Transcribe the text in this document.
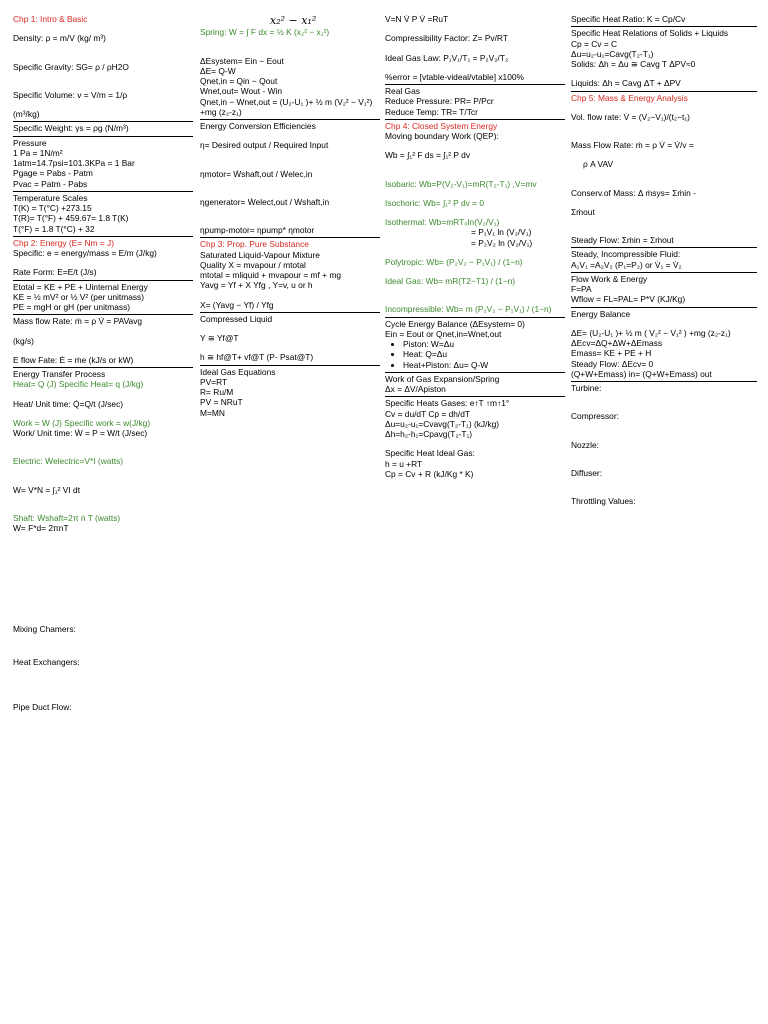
Chp 1: Intro & Basic

Density: ρ = m/V (kg/ m³)

Specific Gravity: SG= ρ / ρH2O

Specific Volume: v = V/m = 1/ρ

(m³/kg)

Specific Weight: γs = ρg (N/m³)

Pressure

1 Pa = 1N/m²

1atm=14.7psi=101.3KPa = 1 Bar

Pgage = Pabs - Patm

Pvac = Patm - Pabs

Temperature Scales

T(K) = T(°C) +273.15

T(R)= T(°F) + 459.67= 1.8 T(K)

T(°F) = 1.8 T(°C) + 32

Chp 2: Energy (E= Nm = J)

Specific: e = energy/mass = E/m (J/kg)

Rate Form: E=E/t (J/s)

Etotal = KE + PE + Uinternal Energy

KE = ½ mV² or ½ V² (per unitmass)

PE = mgH or gH (per unitmass)

Mass flow Rate: ṁ = ρ V̇ = PAVavg

(kg/s)

E flow Fate: Ė = ṁe (kJ/s or kW)

Energy Transfer Process

Heat= Q (J) Specific Heat= q (J/kg)

Heat/ Unit time: Q̇=Q/t (J/sec)

Work = W (J) Specific work = w(J/kg)

Work/ Unit time: Ẇ = P = W/t (J/sec)

Electric: Ẇelectric=V*I (watts)

W= V*N = ∫₁² VI dt

Shaft: Ẇshaft=2π ṅ T (watts)

W= F*d= 2πnT

x₂² − x₁²

Spring: W = ∫ F dx = ½ K (x₂² − x₁²)

ΔEsystem= Ein − Eout

ΔE= Q-W

Qnet,in = Qin − Qout

Wnet,out= Wout - Win

Qnet,in − Wnet,out = (U₂-U₁ )+ ½ m (V₂² − V₁²) +mg (z₂-z₁)

Energy Conversion Efficiencies

η= Desired output / Required Input

ηmotor= Ẇshaft,out / Ẇelec,in

ηgenerator= Ẇelect,out / Ẇshaft,in

ηpump-motor= ηpump* ηmotor

Chp 3: Prop. Pure Substance

Saturated Liquid-Vapour Mixture

Quality X = mvapour / mtotal

mtotal = mliquid + mvapour = mf + mg

Yavg = Yf + X Yfg , Y=v, u or h

X= (Yavg − Yf) / Yfg

Compressed Liquid

Y ≅ Yf@T

h ≅ hf@T+ vf@T (P- Psat@T)

Ideal Gas Equations

PV=RT

R= Ru/M

PV = NRuT

M=MN

V=N V̇ P V̇ =RuT

Compressibility Factor: Z= Pv/RT

Ideal Gas Law: P₁V₁/T₁ = P₂V₂/T₂

%error = [vtable-videal/vtable] x100%

Real Gas

Reduce Pressure: PR= P/Pcr

Reduce Temp: TR= T/Tcr

Chp 4: Closed System Energy

Moving boundary Work (QEP):

Wb = ∫₁² F ds = ∫₁² P dv

Isobaric: Wb=P(V₂-V₁)=mR(T₂-T₁) ,V=mv

Isochoric: Wb= ∫₁² P dv = 0

Isothermal: Wb=mRT₀ln(V₂/V₁)

= P₁V₁ ln (V₂/V₁)

= P₂V₂ ln (V₂/V₁)

Polytropic: Wb= (P₂V₂ − P₁V₁) / (1−n)

Ideal Gas: Wb= mR(T2−T1) / (1−n)

Incompressible: Wb= m (P₂V₂ − P₁V₁) / (1−n)

Cycle Energy Balance (ΔEsystem= 0)

Ein = Eout or Qnet,in=Wnet,out

• Piston: W=Δu
• Heat: Q=Δu
• Heat+Piston: Δu= Q-W

Work of Gas Expansion/Spring

Δx = ΔV/Apiston

Specific Heats Gases: e↑T ↑m↑1°

Cv = du/dT Cp = dh/dT

Δu=u₂-u₁=Cvavg(T₂-T₁) (kJ/kg)

Δh=h₂-h₁=Cpavg(T₂-T₁)

Specific Heat Ideal Gas:

h = u +RT

Cp = Cv + R (kJ/Kg * K)

Specific Heat Ratio: K = Cp/Cv

Specific Heat Relations of Solids + Liquids

Cp = Cv = C

Δu=u₂-u₁=Cavg(T₂-T₁)

Solids: Δh = Δu ≅ Cavg T ΔPV≈0

Liquids: Δh = Cavg ΔT + ΔPV

Chp 5: Mass & Energy Analysis

Vol. flow rate: V̇ = (V₂−V₁)/(t₂−t₁)

Mass Flow Rate: ṁ = ρ V̇ = V̇/v =

ρ A VAV

Conserv.of Mass: Δ ṁsys= Σṁin -

Σṁout

Steady Flow: Σṁin = Σṁout

Steady, Incompressible Fluid:

A₁V₁ =A₂V₂ (P₁=P₂) or V̇₁ = V̇₂

Flow Work & Energy

F=PA

Wflow = FL=PAL= P*V (KJ/Kg)

Energy Balance

ΔE= (U₂-U₁ )+ ½ m ( V₂² − V₁² ) +mg (z₂-z₁)

ΔEcv=ΔQ+ΔW+ΔEmass

Emass= KE + PE + H

Steady Flow: ΔEcv= 0

(Q+W+Emass) in= (Q+W+Emass) out

Turbine:

Compressor:

Nozzle:

Diffuser:

Throttling Values:

Mixing Chamers:

Heat Exchangers:

Pipe Duct Flow:
